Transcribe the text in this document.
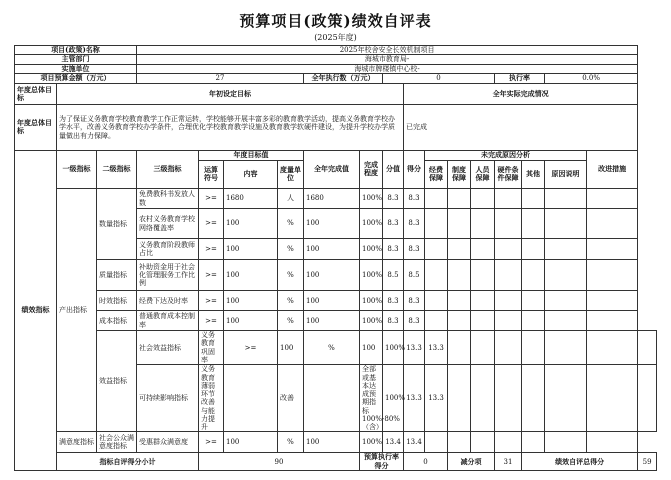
预算项目(政策)绩效自评表
(2025年度)
项目(政策)名称			2025年校舍安全长效机制项目															
主管部门			海城市教育局-															
实施单位			海城市牌楼镇中心校-															
项目预算金额（万元）			27				全年执行数（万元）		0					执行率		0.0%		
年度总体目标	年初设定目标									全年实际完成情况								
年度总体目标	为了保证义务教育学校教育教学工作正常运转，学校能够开展丰富多彩的教育教学活动，提高义务教育学校办学水平，改善义务教育学校办学条件，合理优化学校教育教学设施及教育教学软硬件建设，为提升学校办学质量做出有力保障。									已完成								
绩效指标	一级指标	二级指标	三级指标	年度目标值			全年完成值	完成程度	分值	得分	未完成原因分析						改进措施	
				运算符号	内容	度量单位					经费保障	制度保障	人员保障	硬件条件保障	其他	原因说明		
	产出指标	数量指标	免费教科书发放人数	>=	1680	人	1680	100%	8.3	8.3								
			农村义务教育学校网络覆盖率	>=	100	%	100	100%	8.3	8.3								
			义务教育阶段教师占比	>=	100	%	100	100%	8.3	8.3								
		质量指标	补助资金用于社会化管理服务工作比例	>=	100	%	100	100%	8.5	8.5								
		时效指标	经费下达及时率	>=	100	%	100	100%	8.3	8.3								
		成本指标	普通教育成本控制率	>=	100	%	100	100%	8.3	8.3								
		效益指标	社会效益指标	义务教育巩固率	>=	100	%	100	100%	13.3	13.3							
			可持续影响指标	义务教育薄弱环节改善与能力提升		改善		全部或基本达成预期指标100%-80%（含）	100%	13.3	13.3							
	满意度指标	社会公众满意度指标	受惠群众满意度	>=	100	%	100	100%	13.4	13.4								
	指标自评得分小计			90				预算执行率得分		0		减分项		31	绩效自评总得分			59
